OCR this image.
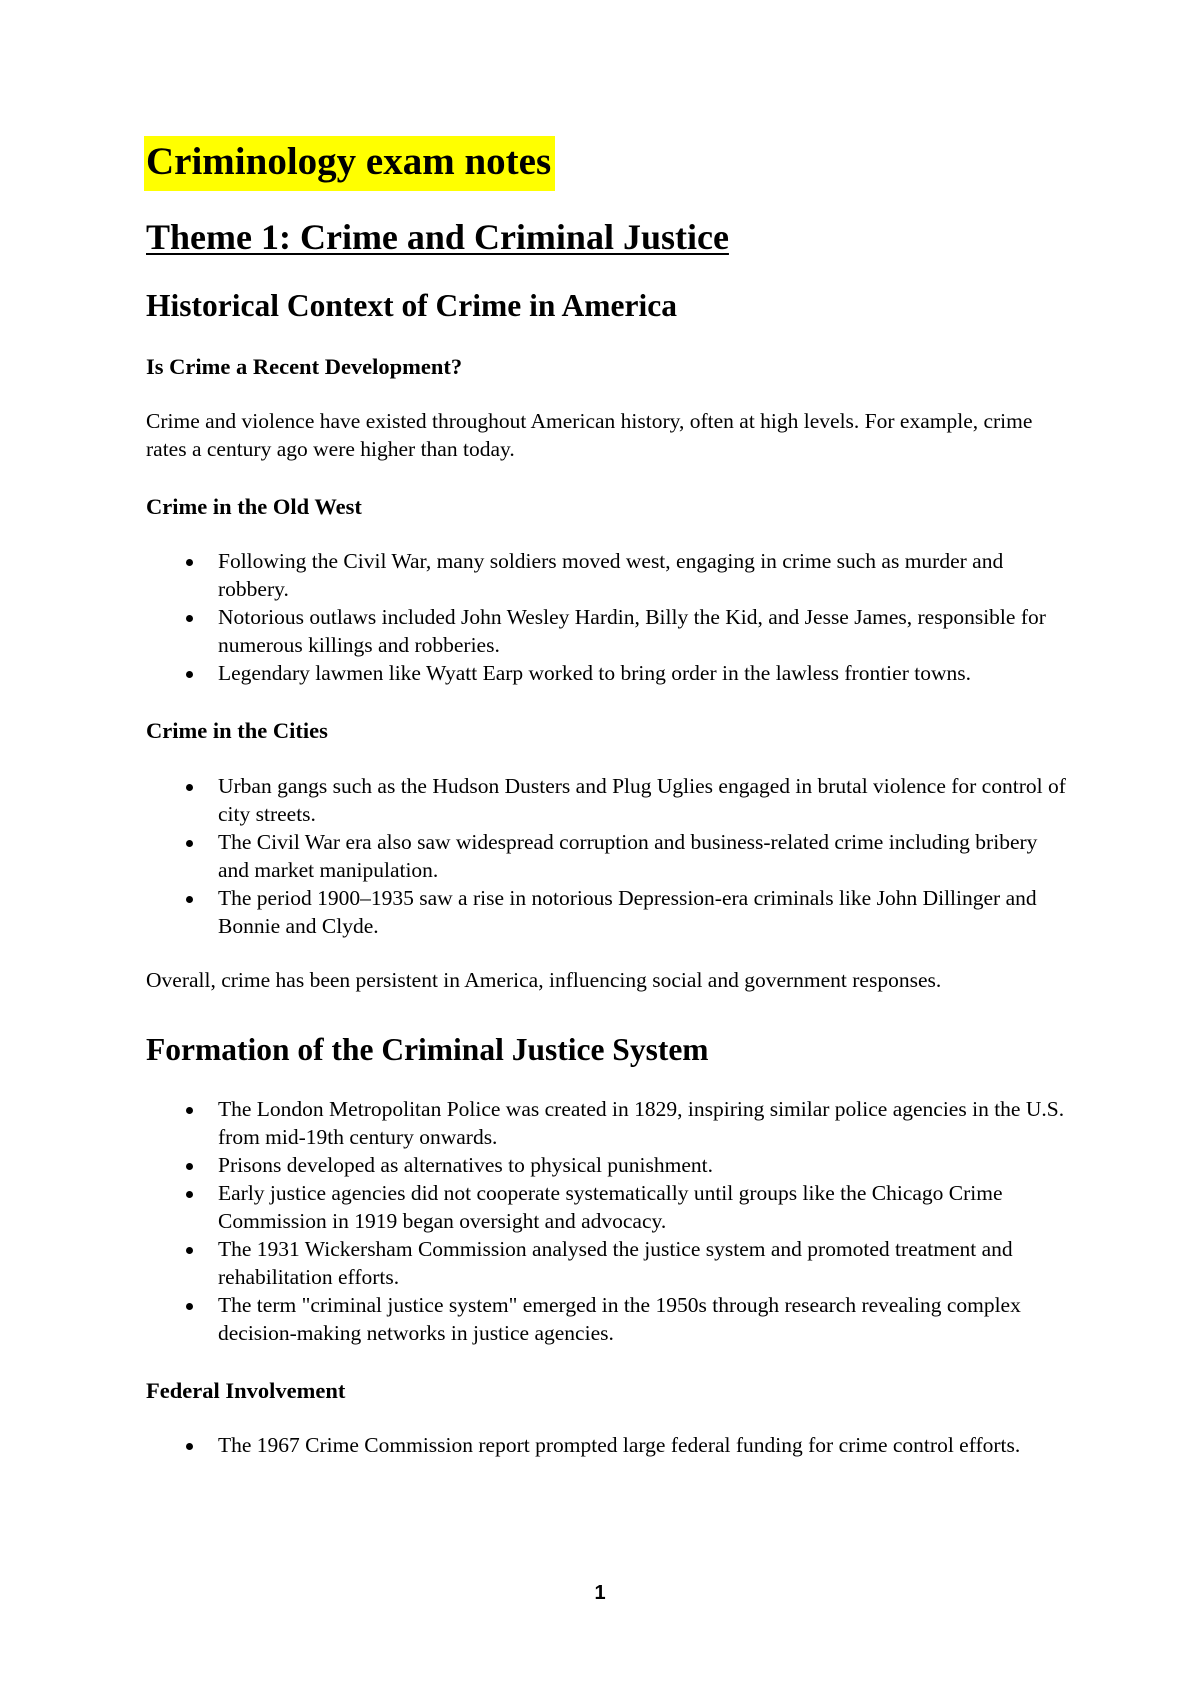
Criminology exam notes
Theme 1: Crime and Criminal Justice
Historical Context of Crime in America
Is Crime a Recent Development?

Crime and violence have existed throughout American history, often at high levels. For example, crime rates a century ago were higher than today.

Crime in the Old West
Following the Civil War, many soldiers moved west, engaging in crime such as murder and robbery.
Notorious outlaws included John Wesley Hardin, Billy the Kid, and Jesse James, responsible for numerous killings and robberies.
Legendary lawmen like Wyatt Earp worked to bring order in the lawless frontier towns.
Crime in the Cities
Urban gangs such as the Hudson Dusters and Plug Uglies engaged in brutal violence for control of city streets.
The Civil War era also saw widespread corruption and business-related crime including bribery and market manipulation.
The period 1900–1935 saw a rise in notorious Depression-era criminals like John Dillinger and Bonnie and Clyde.

Overall, crime has been persistent in America, influencing social and government responses.

Formation of the Criminal Justice System
The London Metropolitan Police was created in 1829, inspiring similar police agencies in the U.S. from mid-19th century onwards.
Prisons developed as alternatives to physical punishment.
Early justice agencies did not cooperate systematically until groups like the Chicago Crime Commission in 1919 began oversight and advocacy.
The 1931 Wickersham Commission analysed the justice system and promoted treatment and rehabilitation efforts.
The term "criminal justice system" emerged in the 1950s through research revealing complex decision-making networks in justice agencies.
Federal Involvement
The 1967 Crime Commission report prompted large federal funding for crime control efforts.
1
